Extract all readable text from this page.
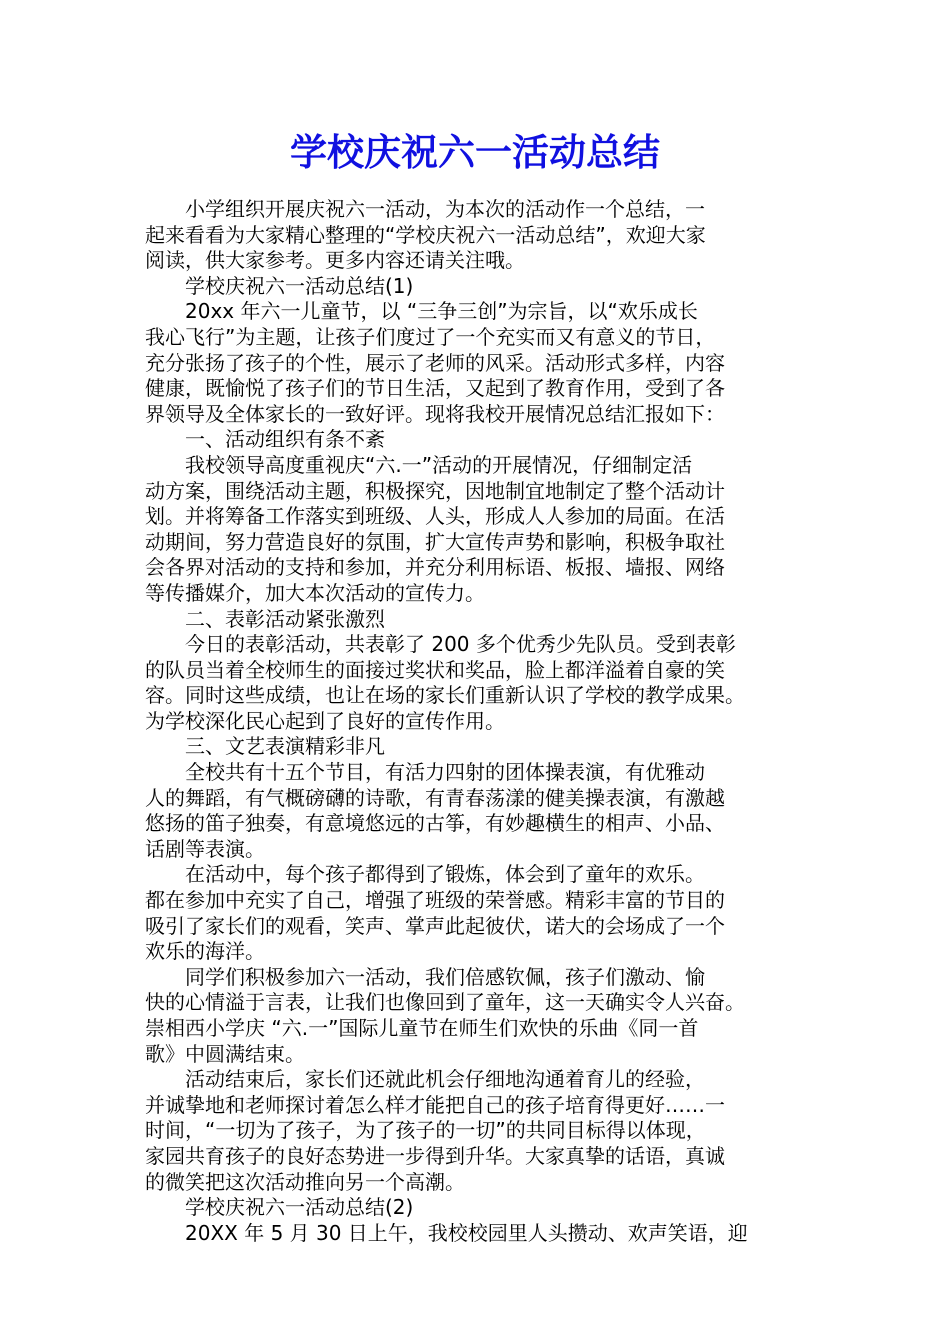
学校庆祝六一活动总结

小学组织开展庆祝六一活动，为本次的活动作一个总结，一
起来看看为大家精心整理的“学校庆祝六一活动总结”，欢迎大家
阅读，供大家参考。更多内容还请关注哦。

学校庆祝六一活动总结(1)

20xx 年六一儿童节，以 “三争三创”为宗旨，以“欢乐成长
我心飞行”为主题，让孩子们度过了一个充实而又有意义的节日，
充分张扬了孩子的个性，展示了老师的风采。活动形式多样，内容
健康，既愉悦了孩子们的节日生活，又起到了教育作用，受到了各
界领导及全体家长的一致好评。现将我校开展情况总结汇报如下：

一、活动组织有条不紊

我校领导高度重视庆“六.一”活动的开展情况，仔细制定活
动方案，围绕活动主题，积极探究，因地制宜地制定了整个活动计
划。并将筹备工作落实到班级、人头，形成人人参加的局面。在活
动期间，努力营造良好的氛围，扩大宣传声势和影响，积极争取社
会各界对活动的支持和参加，并充分利用标语、板报、墙报、网络
等传播媒介，加大本次活动的宣传力。

二、表彰活动紧张激烈

今日的表彰活动，共表彰了 200 多个优秀少先队员。受到表彰
的队员当着全校师生的面接过奖状和奖品，脸上都洋溢着自豪的笑
容。同时这些成绩，也让在场的家长们重新认识了学校的教学成果。
为学校深化民心起到了良好的宣传作用。

三、文艺表演精彩非凡

全校共有十五个节目，有活力四射的团体操表演，有优雅动
人的舞蹈，有气概磅礴的诗歌，有青春荡漾的健美操表演，有激越
悠扬的笛子独奏，有意境悠远的古筝，有妙趣横生的相声、小品、
话剧等表演。

在活动中，每个孩子都得到了锻炼，体会到了童年的欢乐。
都在参加中充实了自己，增强了班级的荣誉感。精彩丰富的节目的
吸引了家长们的观看，笑声、掌声此起彼伏，诺大的会场成了一个
欢乐的海洋。

同学们积极参加六一活动，我们倍感钦佩，孩子们激动、愉
快的心情溢于言表，让我们也像回到了童年，这一天确实令人兴奋。
崇相西小学庆 “六.一”国际儿童节在师生们欢快的乐曲《同一首
歌》中圆满结束。

活动结束后，家长们还就此机会仔细地沟通着育儿的经验，
并诚挚地和老师探讨着怎么样才能把自己的孩子培育得更好……一
时间，“一切为了孩子，为了孩子的一切”的共同目标得以体现，
家园共育孩子的良好态势进一步得到升华。大家真挚的话语，真诚
的微笑把这次活动推向另一个高潮。

学校庆祝六一活动总结(2)

20XX 年 5 月 30 日上午，我校校园里人头攒动、欢声笑语，迎
